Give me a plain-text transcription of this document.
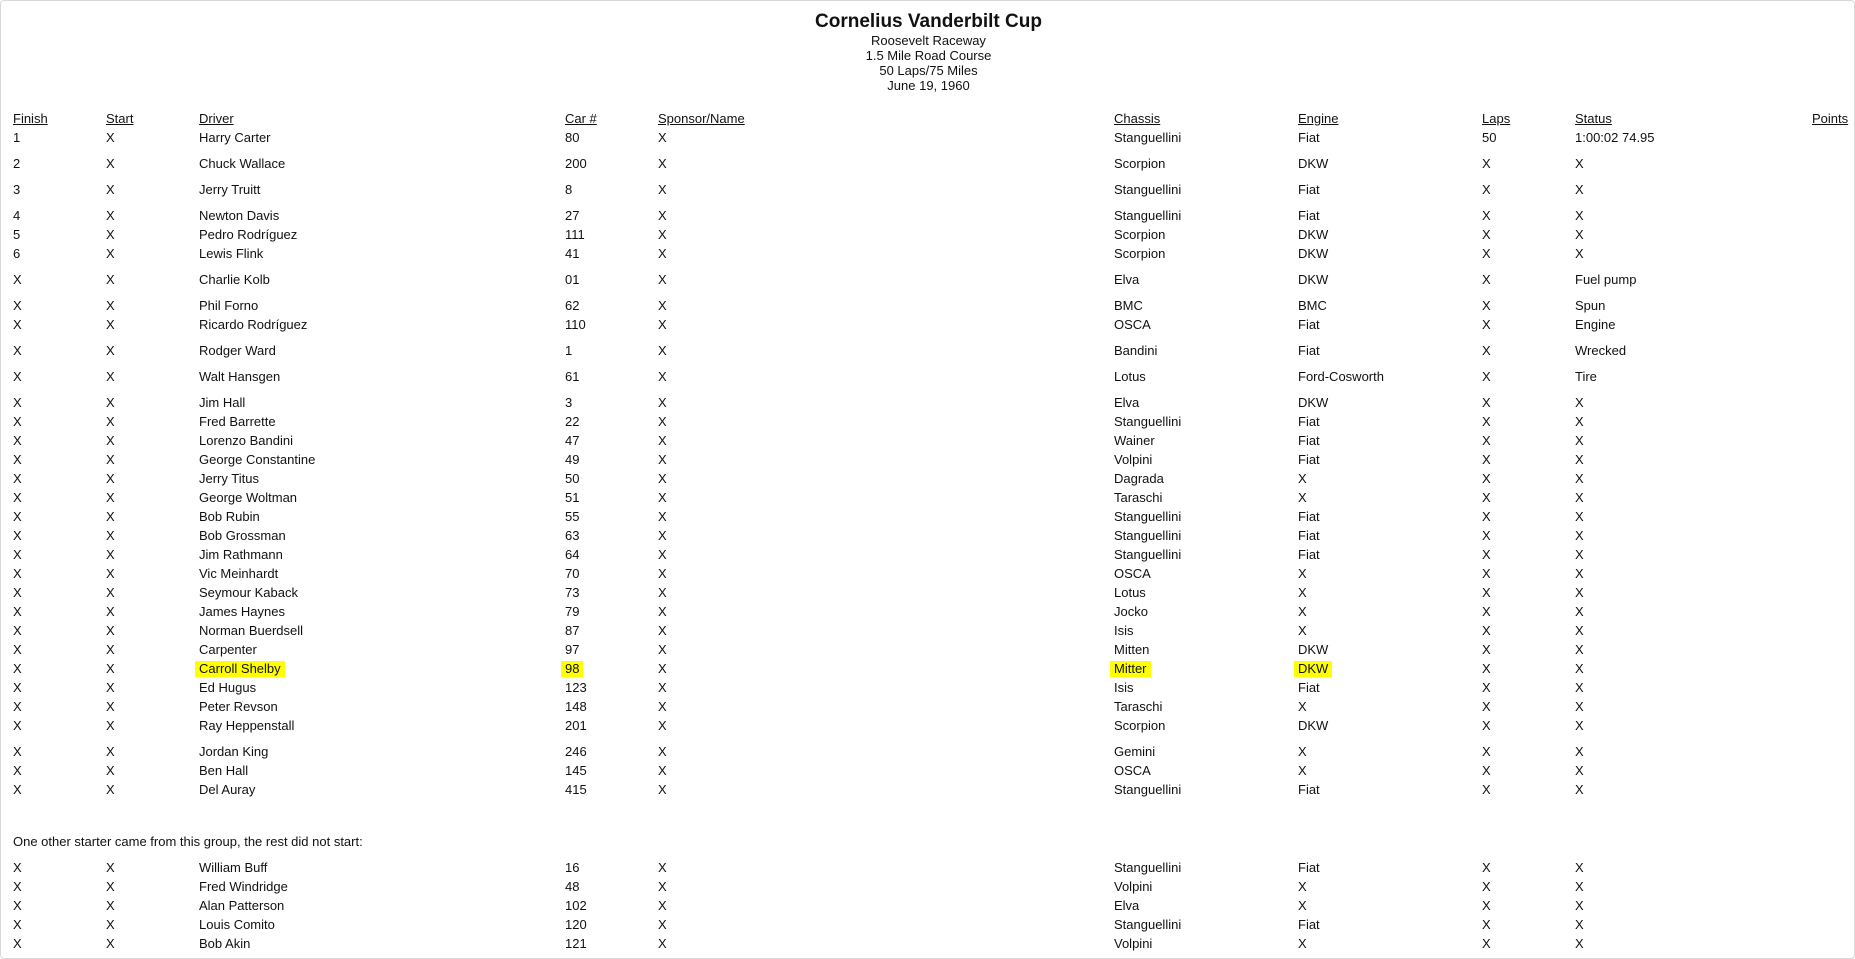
Cornelius Vanderbilt Cup
Roosevelt Raceway
1.5 Mile Road Course
50 Laps/75 Miles
June 19, 1960
Finish	Start	Driver	Car #	Sponsor/Name	Chassis	Engine	Laps	Status	Points
1	X	Harry Carter	80	X	Stanguellini	Fiat	50	1:00:02 74.95
2	X	Chuck Wallace	200	X	Scorpion	DKW	X	X
3	X	Jerry Truitt	8	X	Stanguellini	Fiat	X	X
4	X	Newton Davis	27	X	Stanguellini	Fiat	X	X
5	X	Pedro Rodríguez	111	X	Scorpion	DKW	X	X
6	X	Lewis Flink	41	X	Scorpion	DKW	X	X
X	X	Charlie Kolb	01	X	Elva	DKW	X	Fuel pump
X	X	Phil Forno	62	X	BMC	BMC	X	Spun
X	X	Ricardo Rodríguez	110	X	OSCA	Fiat	X	Engine
X	X	Rodger Ward	1	X	Bandini	Fiat	X	Wrecked
X	X	Walt Hansgen	61	X	Lotus	Ford-Cosworth	X	Tire
X	X	Jim Hall	3	X	Elva	DKW	X	X
X	X	Fred Barrette	22	X	Stanguellini	Fiat	X	X
X	X	Lorenzo Bandini	47	X	Wainer	Fiat	X	X
X	X	George Constantine	49	X	Volpini	Fiat	X	X
X	X	Jerry Titus	50	X	Dagrada	X	X	X
X	X	George Woltman	51	X	Taraschi	X	X	X
X	X	Bob Rubin	55	X	Stanguellini	Fiat	X	X
X	X	Bob Grossman	63	X	Stanguellini	Fiat	X	X
X	X	Jim Rathmann	64	X	Stanguellini	Fiat	X	X
X	X	Vic Meinhardt	70	X	OSCA	X	X	X
X	X	Seymour Kaback	73	X	Lotus	X	X	X
X	X	James Haynes	79	X	Jocko	X	X	X
X	X	Norman Buerdsell	87	X	Isis	X	X	X
X	X	Carpenter	97	X	Mitten	DKW	X	X
X	X	Carroll Shelby	98	X	Mitter	DKW	X	X
X	X	Ed Hugus	123	X	Isis	Fiat	X	X
X	X	Peter Revson	148	X	Taraschi	X	X	X
X	X	Ray Heppenstall	201	X	Scorpion	DKW	X	X
X	X	Jordan King	246	X	Gemini	X	X	X
X	X	Ben Hall	145	X	OSCA	X	X	X
X	X	Del Auray	415	X	Stanguellini	Fiat	X	X
One other starter came from this group, the rest did not start:
X	X	William Buff	16	X	Stanguellini	Fiat	X	X
X	X	Fred Windridge	48	X	Volpini	X	X	X
X	X	Alan Patterson	102	X	Elva	X	X	X
X	X	Louis Comito	120	X	Stanguellini	Fiat	X	X
X	X	Bob Akin	121	X	Volpini	X	X	X
